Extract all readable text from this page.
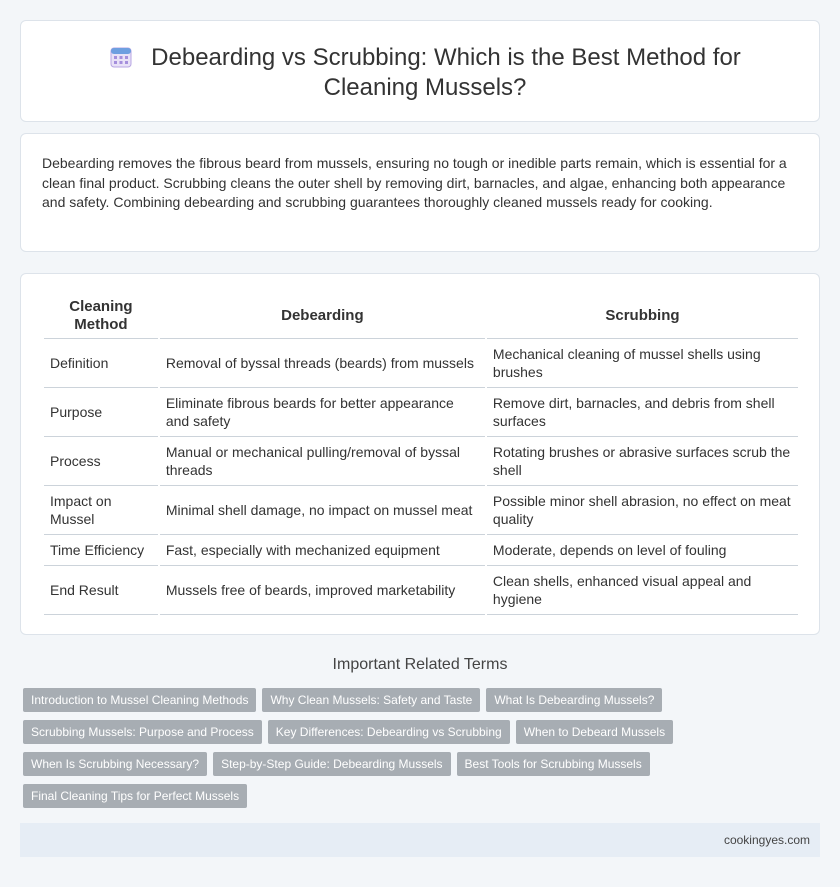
Debearding vs Scrubbing: Which is the Best Method for Cleaning Mussels?

Debearding removes the fibrous beard from mussels, ensuring no tough or inedible parts remain, which is essential for a clean final product. Scrubbing cleans the outer shell by removing dirt, barnacles, and algae, enhancing both appearance and safety. Combining debearding and scrubbing guarantees thoroughly cleaned mussels ready for cooking.

Cleaning Method	Debearding	Scrubbing
Definition	Removal of byssal threads (beards) from mussels	Mechanical cleaning of mussel shells using brushes
Purpose	Eliminate fibrous beards for better appearance and safety	Remove dirt, barnacles, and debris from shell surfaces
Process	Manual or mechanical pulling/removal of byssal threads	Rotating brushes or abrasive surfaces scrub the shell
Impact on Mussel	Minimal shell damage, no impact on mussel meat	Possible minor shell abrasion, no effect on meat quality
Time Efficiency	Fast, especially with mechanized equipment	Moderate, depends on level of fouling
End Result	Mussels free of beards, improved marketability	Clean shells, enhanced visual appeal and hygiene
Important Related Terms
Introduction to Mussel Cleaning Methods	Why Clean Mussels: Safety and Taste	What Is Debearding Mussels?
Scrubbing Mussels: Purpose and Process	Key Differences: Debearding vs Scrubbing	When to Debeard Mussels
When Is Scrubbing Necessary?	Step-by-Step Guide: Debearding Mussels	Best Tools for Scrubbing Mussels
Final Cleaning Tips for Perfect Mussels
cookingyes.com
